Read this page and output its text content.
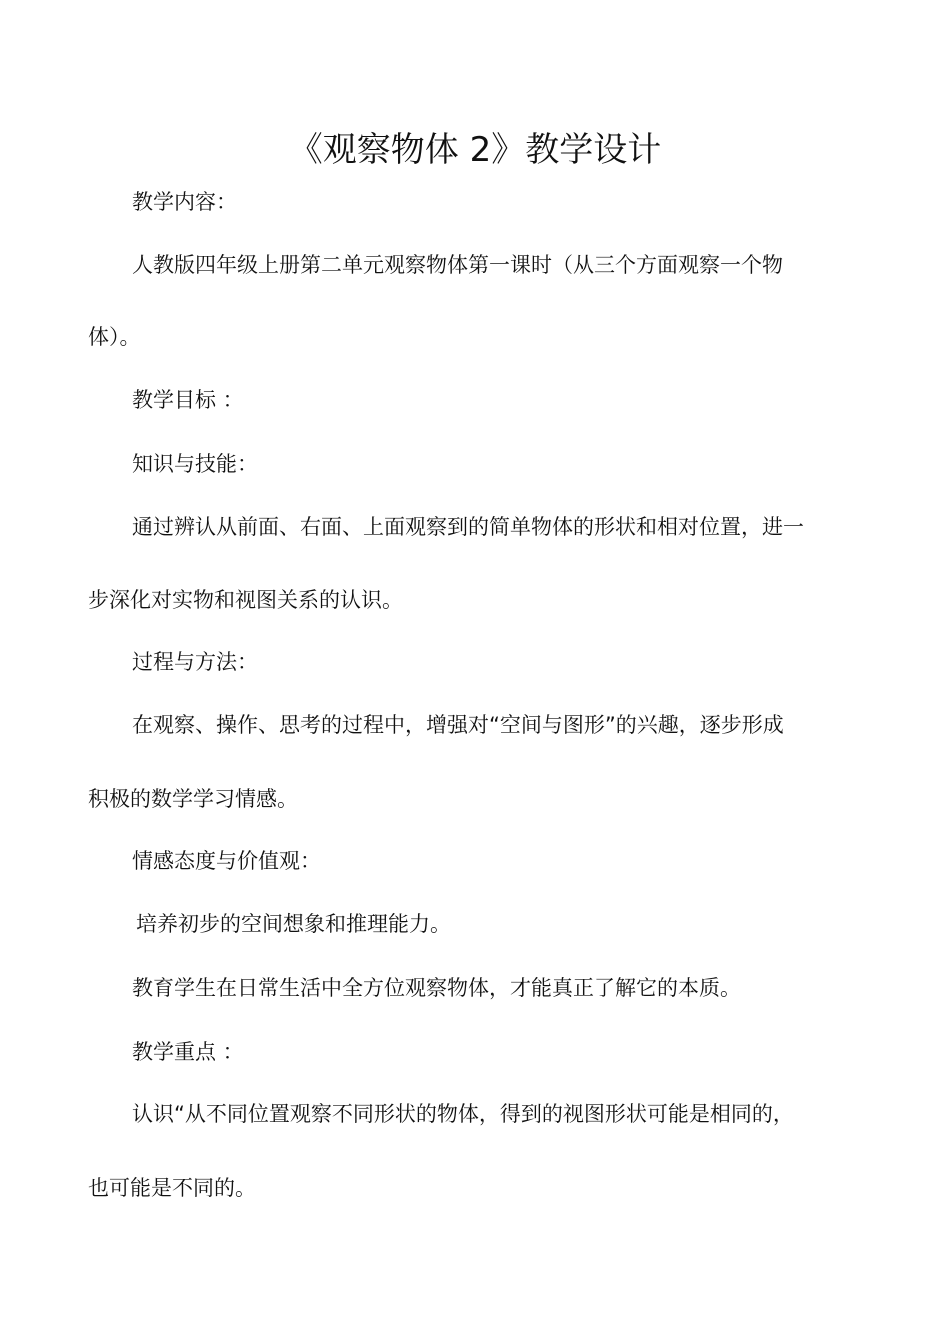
《观察物体 2》教学设计
教学内容：
人教版四年级上册第二单元观察物体第一课时（从三个方面观察一个物
体）。
教学目标 ：
知识与技能：
通过辨认从前面、右面、上面观察到的简单物体的形状和相对位置，进一
步深化对实物和视图关系的认识。
过程与方法：
在观察、操作、思考的过程中，增强对“空间与图形”的兴趣，逐步形成
积极的数学学习情感。
情感态度与价值观：
培养初步的空间想象和推理能力。
教育学生在日常生活中全方位观察物体，才能真正了解它的本质。
教学重点 ：
认识“从不同位置观察不同形状的物体，得到的视图形状可能是相同的，
也可能是不同的。
